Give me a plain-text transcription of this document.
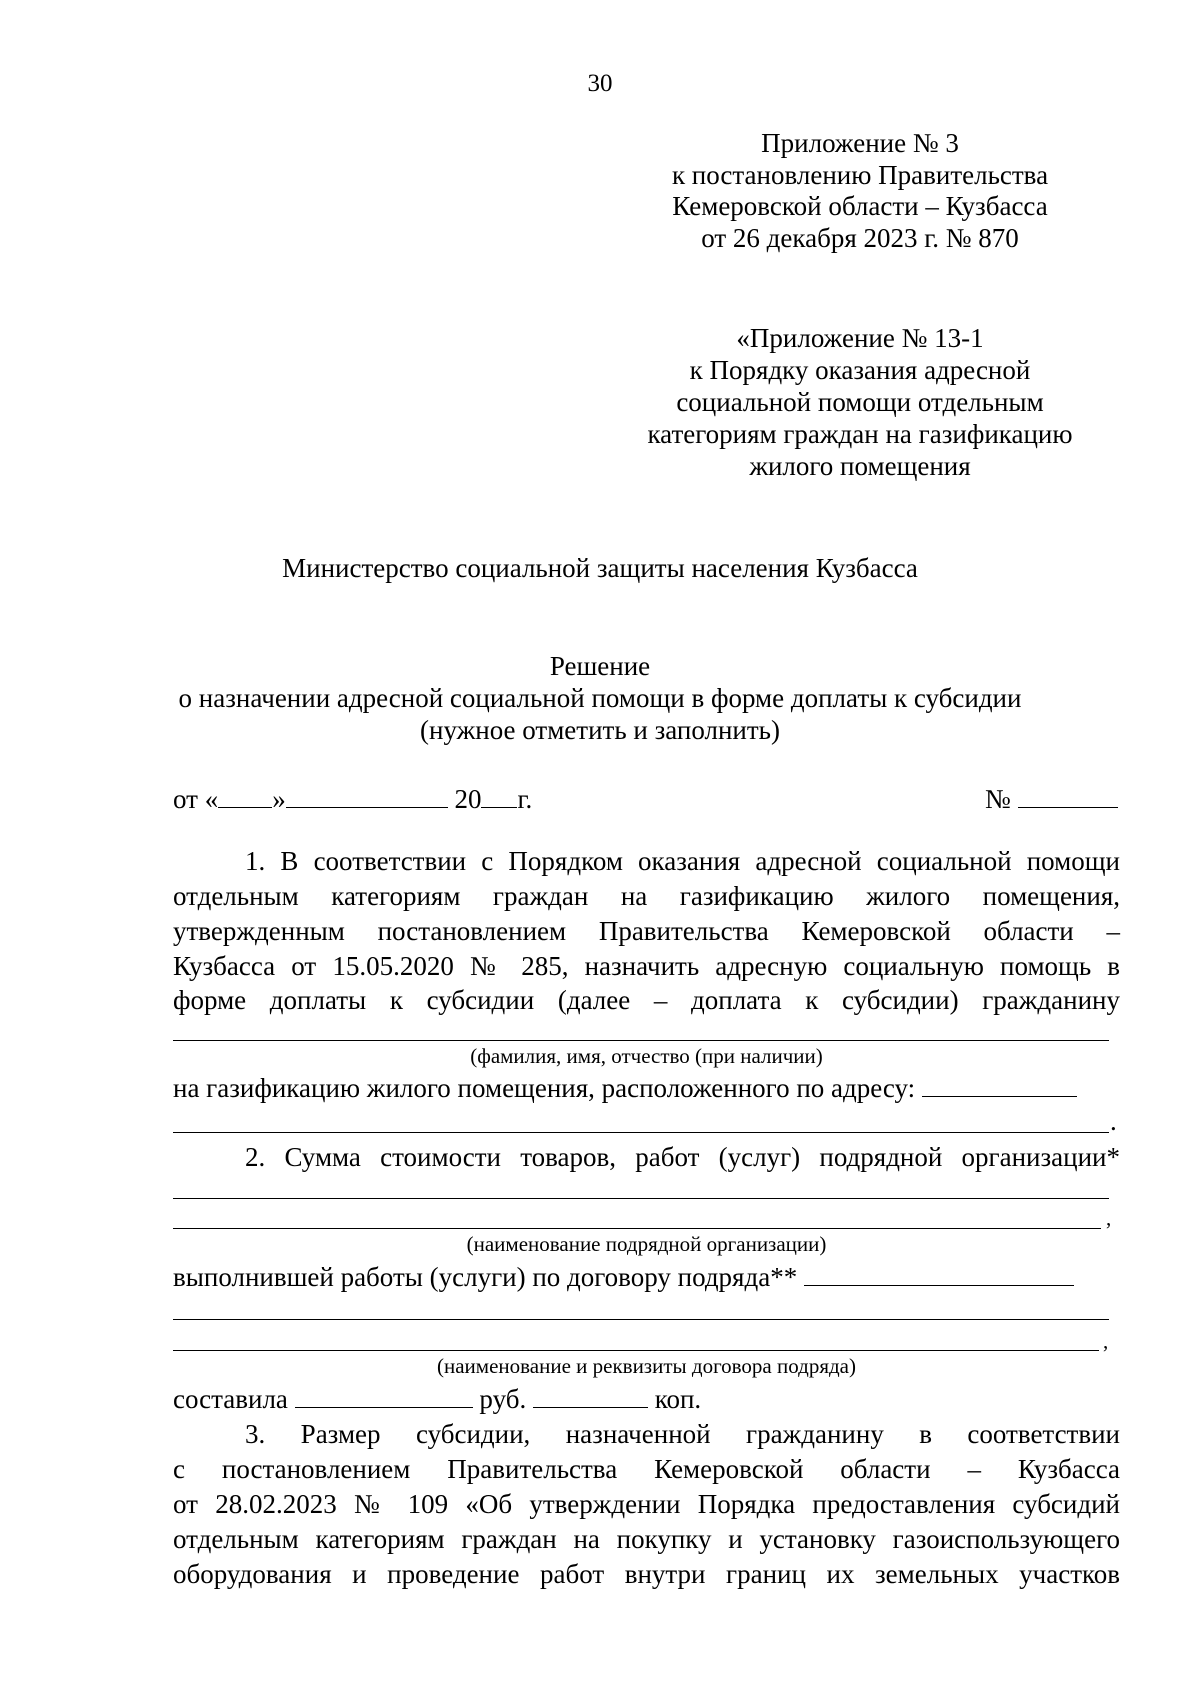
30
Приложение № 3
к постановлению Правительства
Кемеровской области – Кузбасса
от 26 декабря 2023 г. № 870
«Приложение № 13-1
к Порядку оказания адресной
социальной помощи отдельным
категориям граждан на газификацию
жилого помещения
Министерство социальной защиты населения Кузбасса
Решение
о назначении адресной социальной помощи в форме доплаты к субсидии
(нужное отметить и заполнить)
от « »	20 г.	№
1. В соответствии с Порядком оказания адресной социальной помощи
отдельным категориям граждан на газификацию жилого помещения,
утвержденным постановлением Правительства Кемеровской области –
Кузбасса от 15.05.2020 № 285, назначить адресную социальную помощь в
форме доплаты к субсидии (далее – доплата к субсидии) гражданину
(фамилия, имя, отчество (при наличии)
на газификацию жилого помещения, расположенного по адресу:
.
2. Сумма стоимости товаров, работ (услуг) подрядной организации*
,
(наименование подрядной организации)
выполнившей работы (услуги) по договору подряда**
,
(наименование и реквизиты договора подряда)
составила	руб.	коп.
3. Размер субсидии, назначенной гражданину в соответствии
с постановлением Правительства Кемеровской области – Кузбасса
от 28.02.2023 № 109 «Об утверждении Порядка предоставления субсидий
отдельным категориям граждан на покупку и установку газоиспользующего
оборудования и проведение работ внутри границ их земельных участков
